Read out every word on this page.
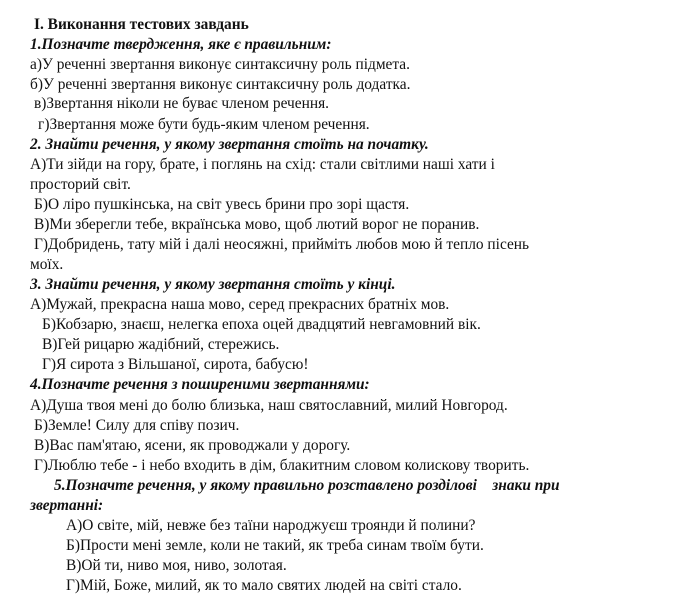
І. Виконання тестових завдань
1.Позначте твердження, яке є правильним:
а)У реченні звертання виконує синтаксичну роль підмета.
б)У реченні звертання виконує синтаксичну роль додатка.
в)Звертання ніколи не буває членом речення.
г)Звертання може бути будь-яким членом речення.
2. Знайти речення, у якому звертання стоїть на початку.
А)Ти зійди на гору, брате, і поглянь на схід: стали світлими наші хати і
просторий світ.
Б)О ліро пушкінська, на світ увесь брини про зорі щастя.
В)Ми зберегли тебе, вкраїнська мово, щоб лютий ворог не поранив.
Г)Добридень, тату мій і далі неосяжні, прийміть любов мою й тепло пісень
моїх.
3. Знайти речення, у якому звертання стоїть у кінці.
А)Мужай, прекрасна наша мово, серед прекрасних братніх мов.
Б)Кобзарю, знаєш, нелегка епоха оцей двадцятий невгамовний вік.
В)Гей рицарю жадібний, стережись.
Г)Я сирота з Вільшаної, сирота, бабусю!
4.Позначте речення з поширеними звертаннями:
А)Душа твоя мені до болю близька, наш святославний, милий Новгород.
Б)Земле! Силу для співу позич.
В)Вас пам'ятаю, ясени, як проводжали у дорогу.
Г)Люблю тебе - і небо входить в дім, блакитним словом колискову творить.
5.Позначте речення, у якому правильно розставлено розділові    знаки при
звертанні:
А)О світе, мій, невже без таїни народжуєш троянди й полини?
Б)Прости мені земле, коли не такий, як треба синам твоїм бути.
В)Ой ти, ниво моя, ниво, золотая.
Г)Мій, Боже, милий, як то мало святих людей на світі стало.
